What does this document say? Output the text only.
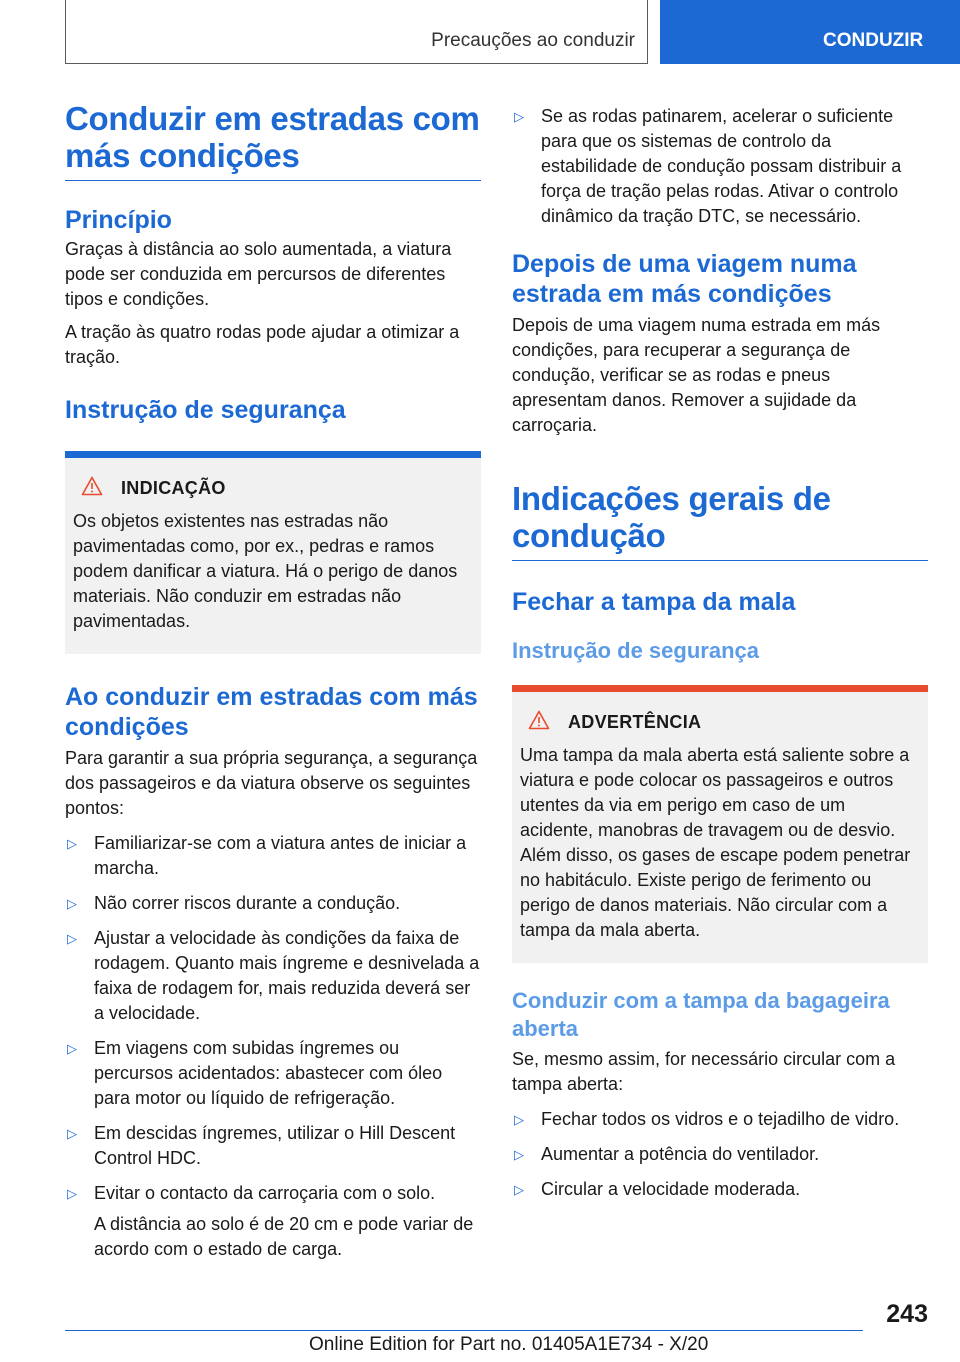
Precauções ao conduzir	CONDUZIR
Conduzir em estradas com más condições
Princípio

Graças à distância ao solo aumentada, a viatura pode ser conduzida em percursos de diferentes tipos e condições.

A tração às quatro rodas pode ajudar a otimizar a tração.

Instrução de segurança
INDICAÇÃO

Os objetos existentes nas estradas não pavimentadas como, por ex., pedras e ramos podem danificar a viatura. Há o perigo de danos materiais. Não conduzir em estradas não pavimentadas.

Ao conduzir em estradas com más condições

Para garantir a sua própria segurança, a segurança dos passageiros e da viatura observe os seguintes pontos:

▷ Familiarizar-se com a viatura antes de iniciar a marcha.
▷ Não correr riscos durante a condução.
▷ Ajustar a velocidade às condições da faixa de rodagem. Quanto mais íngreme e desnivelada a faixa de rodagem for, mais reduzida deverá ser a velocidade.
▷ Em viagens com subidas íngremes ou percursos acidentados: abastecer com óleo para motor ou líquido de refrigeração.
▷ Em descidas íngremes, utilizar o Hill Descent Control HDC.
▷ Evitar o contacto da carroçaria com o solo.

A distância ao solo é de 20 cm e pode variar de acordo com o estado de carga.

▷ Se as rodas patinarem, acelerar o suficiente para que os sistemas de controlo da estabilidade de condução possam distribuir a força de tração pelas rodas. Ativar o controlo dinâmico da tração DTC, se necessário.
Depois de uma viagem numa estrada em más condições

Depois de uma viagem numa estrada em más condições, para recuperar a segurança de condução, verificar se as rodas e pneus apresentam danos. Remover a sujidade da carroçaria.

Indicações gerais de condução
Fechar a tampa da mala
Instrução de segurança
ADVERTÊNCIA

Uma tampa da mala aberta está saliente sobre a viatura e pode colocar os passageiros e outros utentes da via em perigo em caso de um acidente, manobras de travagem ou de desvio. Além disso, os gases de escape podem penetrar no habitáculo. Existe perigo de ferimento ou perigo de danos materiais. Não circular com a tampa da mala aberta.

Conduzir com a tampa da bagageira aberta

Se, mesmo assim, for necessário circular com a tampa aberta:

▷ Fechar todos os vidros e o tejadilho de vidro.
▷ Aumentar a potência do ventilador.
▷ Circular a velocidade moderada.
243
Online Edition for Part no. 01405A1E734 - X/20
